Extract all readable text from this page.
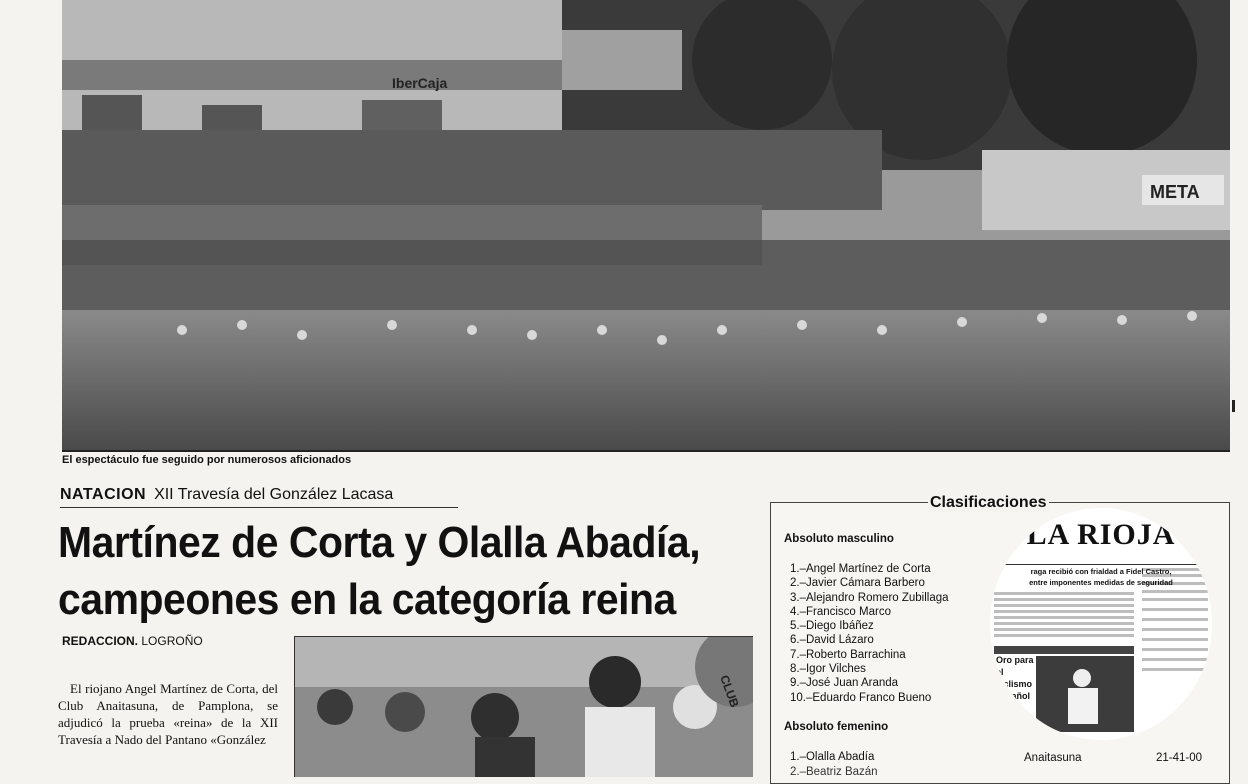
IberCaja
META
El espectáculo fue seguido por numerosos aficionados
NATACION XII Travesía del González Lacasa
Martínez de Corta y Olalla Abadía,
campeones en la categoría reina
REDACCION. LOGROÑO
El riojano Angel Martínez de Corta, del Club Anaitasuna, de Pamplona, se adjudicó la prueba «reina» de la XII Travesía a Nado del Pantano «González
CLUB
Clasificaciones
Absoluto masculino
1.–Angel Martínez de Corta
2.–Javier Cámara Barbero
3.–Alejandro Romero Zubillaga
4.–Francisco Marco
5.–Diego Ibáñez
6.–David Lázaro
7.–Roberto Barrachina
8.–Igor Vilches
9.–José Juan Aranda
10.–Eduardo Franco Bueno
Absoluto femenino
1.–Olalla Abadía	Anaitasuna	21-41-00
2.–Beatriz Bazán
LA RIOJA
raga recibió con frialdad a Fidel Castro,
entre imponentes medidas de seguridad
Oro para el ciclismo español
